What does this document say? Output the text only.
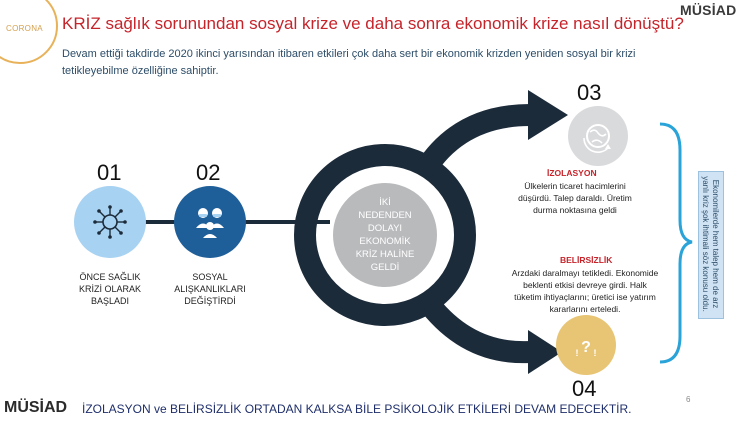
CORONA KRİZ sağlık sorunundan sosyal krize ve daha sonra ekonomik krize nasıl dönüştü?
Devam ettiği takdirde 2020 ikinci yarısından itibaren etkileri çok daha sert bir ekonomik krizden yeniden sosyal bir krizi tetikleyebilme özelliğine sahiptir.
MÜSİAD
?
! !
01
ÖNCE SAĞLIK
KRİZİ OLARAK
BAŞLADI
02
SOSYAL
ALIŞKANLIKLARI
DEĞİŞTİRDİ
İKİ
NEDENDEN
DOLAYI
EKONOMİK
KRİZ HALİNE
GELDİ
03
İZOLASYON
Ülkelerin ticaret hacimlerini
düşürdü. Talep daraldı. Üretim
durma noktasına geldi
BELİRSİZLİK
Arzdaki daralmayı tetikledi. Ekonomide
beklenti etkisi devreye girdi. Halk
tüketim ihtiyaçlarını; üretici ise yatırım
kararlarını erteledi.
04
Ekonomilerde hem talep hem de arz yanlı kriz şok ihtimali söz konusu oldu.
MÜSİAD İZOLASYON ve BELİRSİZLİK ORTADAN KALKSA BİLE PSİKOLOJİK ETKİLERİ DEVAM EDECEKTİR.
6
